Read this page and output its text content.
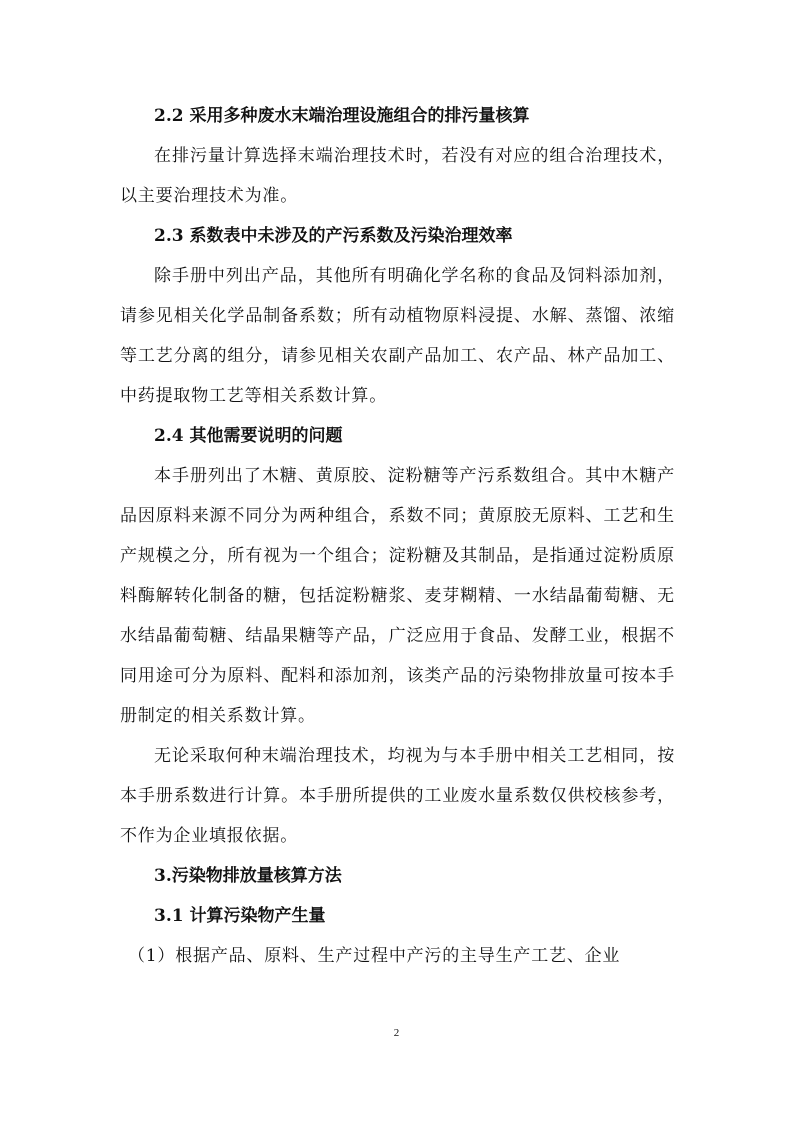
2.2 采用多种废水末端治理设施组合的排污量核算

在排污量计算选择末端治理技术时，若没有对应的组合治理技术，以主要治理技术为准。

2.3 系数表中未涉及的产污系数及污染治理效率

除手册中列出产品，其他所有明确化学名称的食品及饲料添加剂，请参见相关化学品制备系数；所有动植物原料浸提、水解、蒸馏、浓缩等工艺分离的组分，请参见相关农副产品加工、农产品、林产品加工、中药提取物工艺等相关系数计算。

2.4 其他需要说明的问题

本手册列出了木糖、黄原胶、淀粉糖等产污系数组合。其中木糖产品因原料来源不同分为两种组合，系数不同；黄原胶无原料、工艺和生产规模之分，所有视为一个组合；淀粉糖及其制品，是指通过淀粉质原料酶解转化制备的糖，包括淀粉糖浆、麦芽糊精、一水结晶葡萄糖、无水结晶葡萄糖、结晶果糖等产品，广泛应用于食品、发酵工业，根据不同用途可分为原料、配料和添加剂，该类产品的污染物排放量可按本手册制定的相关系数计算。

无论采取何种末端治理技术，均视为与本手册中相关工艺相同，按本手册系数进行计算。本手册所提供的工业废水量系数仅供校核参考，不作为企业填报依据。

3.污染物排放量核算方法
3.1 计算污染物产生量

（1）根据产品、原料、生产过程中产污的主导生产工艺、企业

2
